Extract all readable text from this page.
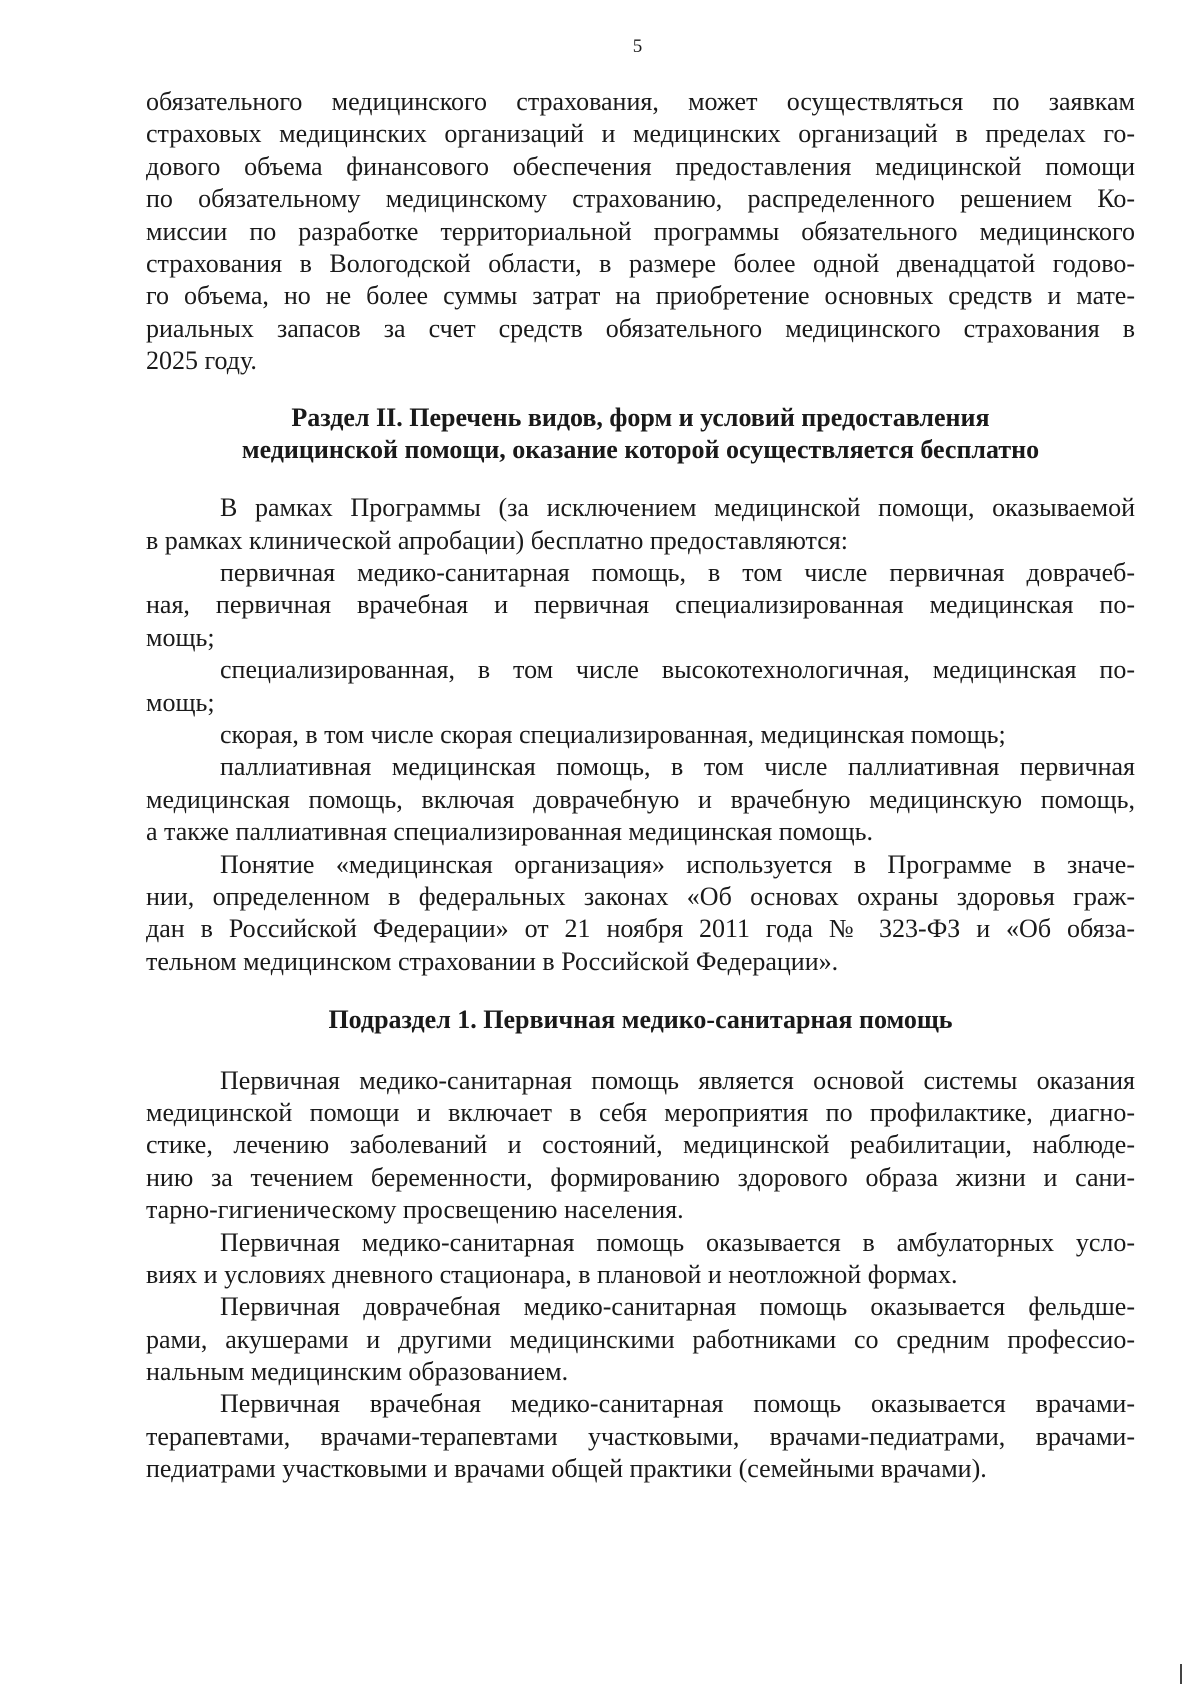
5

обязательного медицинского страхования, может осуществляться по заявкам
страховых медицинских организаций и медицинских организаций в пределах го-
дового объема финансового обеспечения предоставления медицинской помощи
по обязательному медицинскому страхованию, распределенного решением Ко-
миссии по разработке территориальной программы обязательного медицинского
страхования в Вологодской области, в размере более одной двенадцатой годово-
го объема, но не более суммы затрат на приобретение основных средств и мате-
риальных запасов за счет средств обязательного медицинского страхования в
2025 году.
Раздел II. Перечень видов, форм и условий предоставления
медицинской помощи, оказание которой осуществляется бесплатно
В рамках Программы (за исключением медицинской помощи, оказываемой
в рамках клинической апробации) бесплатно предоставляются:
первичная медико-санитарная помощь, в том числе первичная доврачеб-
ная, первичная врачебная и первичная специализированная медицинская по-
мощь;
специализированная, в том числе высокотехнологичная, медицинская по-
мощь;
скорая, в том числе скорая специализированная, медицинская помощь;
паллиативная медицинская помощь, в том числе паллиативная первичная
медицинская помощь, включая доврачебную и врачебную медицинскую помощь,
а также паллиативная специализированная медицинская помощь.
Понятие «медицинская организация» используется в Программе в значе-
нии, определенном в федеральных законах «Об основах охраны здоровья граж-
дан в Российской Федерации» от 21 ноября 2011 года № 323-ФЗ и «Об обяза-
тельном медицинском страховании в Российской Федерации».
Подраздел 1. Первичная медико-санитарная помощь
Первичная медико-санитарная помощь является основой системы оказания
медицинской помощи и включает в себя мероприятия по профилактике, диагно-
стике, лечению заболеваний и состояний, медицинской реабилитации, наблюде-
нию за течением беременности, формированию здорового образа жизни и сани-
тарно-гигиеническому просвещению населения.
Первичная медико-санитарная помощь оказывается в амбулаторных усло-
виях и условиях дневного стационара, в плановой и неотложной формах.
Первичная доврачебная медико-санитарная помощь оказывается фельдше-
рами, акушерами и другими медицинскими работниками со средним профессио-
нальным медицинским образованием.
Первичная врачебная медико-санитарная помощь оказывается врачами-
терапевтами, врачами-терапевтами участковыми, врачами-педиатрами, врачами-
педиатрами участковыми и врачами общей практики (семейными врачами).
